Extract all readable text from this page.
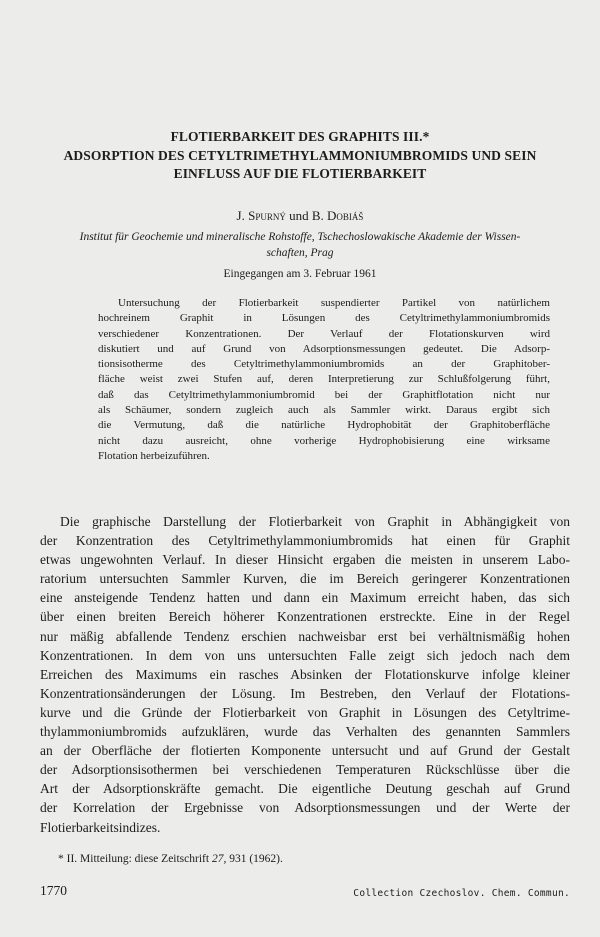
FLOTIERBARKEIT DES GRAPHITS III.*
ADSORPTION DES CETYLTRIMETHYLAMMONIUMBROMIDS UND SEIN
EINFLUSS AUF DIE FLOTIERBARKEIT
J. Spurný und B. Dobiáš
Institut für Geochemie und mineralische Rohstoffe, Tschechoslowakische Akademie der Wissen-
schaften, Prag
Eingegangen am 3. Februar 1961
Untersuchung der Flotierbarkeit suspendierter Partikel von natürlichem
hochreinem Graphit in Lösungen des Cetyltrimethylammoniumbromids
verschiedener Konzentrationen. Der Verlauf der Flotationskurven wird
diskutiert und auf Grund von Adsorptionsmessungen gedeutet. Die Adsorp-
tionsisotherme des Cetyltrimethylammoniumbromids an der Graphitober-
fläche weist zwei Stufen auf, deren Interpretierung zur Schlußfolgerung führt,
daß das Cetyltrimethylammoniumbromid bei der Graphitflotation nicht nur
als Schäumer, sondern zugleich auch als Sammler wirkt. Daraus ergibt sich
die Vermutung, daß die natürliche Hydrophobität der Graphitoberfläche
nicht dazu ausreicht, ohne vorherige Hydrophobisierung eine wirksame
Flotation herbeizuführen.
Die graphische Darstellung der Flotierbarkeit von Graphit in Abhängigkeit von
der Konzentration des Cetyltrimethylammoniumbromids hat einen für Graphit
etwas ungewohnten Verlauf. In dieser Hinsicht ergaben die meisten in unserem Labo-
ratorium untersuchten Sammler Kurven, die im Bereich geringerer Konzentrationen
eine ansteigende Tendenz hatten und dann ein Maximum erreicht haben, das sich
über einen breiten Bereich höherer Konzentrationen erstreckte. Eine in der Regel
nur mäßig abfallende Tendenz erschien nachweisbar erst bei verhältnismäßig hohen
Konzentrationen. In dem von uns untersuchten Falle zeigt sich jedoch nach dem
Erreichen des Maximums ein rasches Absinken der Flotationskurve infolge kleiner
Konzentrationsänderungen der Lösung. Im Bestreben, den Verlauf der Flotations-
kurve und die Gründe der Flotierbarkeit von Graphit in Lösungen des Cetyltrime-
thylammoniumbromids aufzuklären, wurde das Verhalten des genannten Sammlers
an der Oberfläche der flotierten Komponente untersucht und auf Grund der Gestalt
der Adsorptionsisothermen bei verschiedenen Temperaturen Rückschlüsse über die
Art der Adsorptionskräfte gemacht. Die eigentliche Deutung geschah auf Grund
der Korrelation der Ergebnisse von Adsorptionsmessungen und der Werte der
Flotierbarkeitsindizes.
* II. Mitteilung: diese Zeitschrift 27, 931 (1962).
1770	Collection Czechoslov. Chem. Commun.
